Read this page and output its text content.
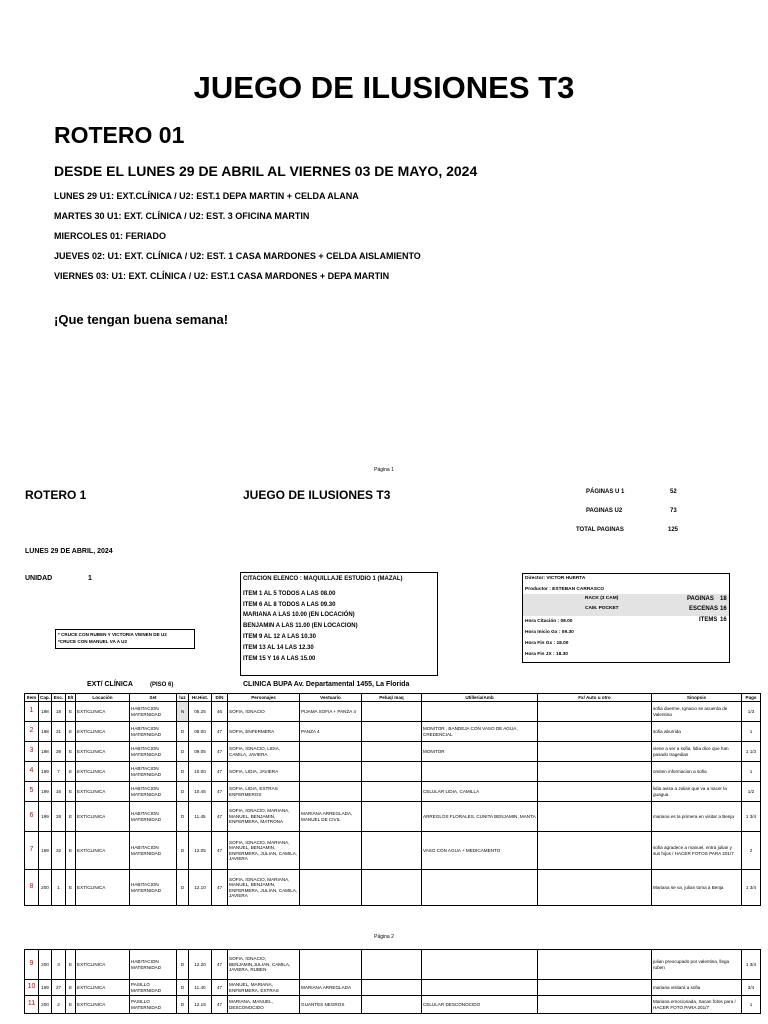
JUEGO DE ILUSIONES T3
ROTERO 01
DESDE EL LUNES 29 DE ABRIL AL VIERNES 03 DE MAYO, 2024
LUNES 29 U1: EXT.CLÍNICA / U2: EST.1 DEPA MARTIN + CELDA ALANA
MARTES 30 U1: EXT. CLÍNICA / U2: EST. 3 OFICINA MARTIN
MIERCOLES 01: FERIADO
JUEVES 02: U1: EXT. CLÍNICA / U2: EST. 1 CASA MARDONES + CELDA AISLAMIENTO
VIERNES 03: U1: EXT. CLÍNICA / U2: EST.1 CASA MARDONES + DEPA MARTIN
¡Que tengan buena semana!
Página 1
ROTERO 1	JUEGO DE ILUSIONES T3	PÁGINAS U 1	52
PAGINAS U2	73
TOTAL PAGINAS	125
LUNES 29 DE ABRIL, 2024
UNIDAD	1
* CRUCE CON RUBEN Y VICTORIA VIENEN DE U2
*CRUCE CON MANUEL VA A U2
CITACION ELENCO : MAQUILLAJE ESTUDIO 1 (MAZAL)
ITEM 1 AL 5 TODOS A LAS 08.00
ITEM 6 AL 8 TODOS A LAS 09.30
MARIANA A LAS 10.00 (EN LOCACIÓN)
BENJAMIN A LAS 11.00 (EN LOCACION)
ITEM 9 AL 12 A LAS 10.30
ITEM 13 AL 14 LAS 12.30
ITEM 15 Y 16 A LAS 15.00
Director: VICTOR HUERTA
Productor : ESTEBAN CARRASCO
RACK (3 CAM)
CAM. POCKET
PAGINAS 18
ESCENAS 16
ITEMS 16
Hora Citación : 08.00
Hora Inicio Gx : 09.30
Hora Fin Gx : 18.00
Hora Fin JX : 18.30
EXT/ CLÍNICA	(PISO 6)	CLINICA BUPA Av. Departamental 1455, La Florida
Item	Cap.	Esc.	E/I	Locación	Set	luz	Hr.Hist.	D/N	Personajes	Vestuario	Peluq\ maq	Utilleria/Amb	Fx/ Auto u otro	Sinopsis	Pags
1	198	18	E	EXT/CLINICA	HABITACION MATERNIDAD	N	05.25	46	SOFIA, IGNACIO	PIJAMA SOFIA + PANZA 4				sofia duerme, Ignacio se acuerda de Valentina	1/3
2	198	31	E	EXT/CLINICA	HABITACION MATERNIDAD	D	08.00	47	SOFIA, ENFERMERA	PANZA 4		MONITOR , BANDEJA CON VASO DE AGUA , CREDENCIAL		sofia aburrida	1
3	198	39	E	EXT/CLINICA	HABITACION MATERNIDAD	D	09.05	47	SOFIA, IGNACIO, LIDIA, CAMILA, JAVIERA			MONITOR		viene a ver a sofia, lidia dice que han pasado tragedias	1 1/3
4	199	7	E	EXT/CLINICA	HABITACION MATERNIDAD	D	10.00	47	SOFIA, LIDIA, JAVIERA					omiten informacion a sofia	1
5	199	16	E	EXT/CLINICA	HABITACION MATERNIDAD	D	10.45	47	SOFIA, LIDIA, EXTRAS ENFERMEROS			CELULAR LIDIA, CAMILLA		lidia avisa a Julian que va a nacer la guagua	1/2
6	199	28	E	EXT/CLINICA	HABITACION MATERNIDAD	D	11.45	47	SOFIA, IGNACIO, MARIANA, MANUEL, BENJAMIN, ENFERMERA, MATRONA	MARIANA ARREGLADA, MANUEL DE CIVIL		ARREGLOS FLORALES, CUNITA BENJAMIN, MANTA		mariana es la primera en visitar a Benja	1 3/4
7	199	32	E	EXT/CLINICA	HABITACION MATERNIDAD	D	12.05	47	SOFIA, IGNACIO, MARIANA, MANUEL, BENJAMIN, ENFERMERA, JULIAN, CAMILA, JAVIERA			VASO CON AGUA + MEDICAMENTO		sofia agradece a manuel, entra julian y sus hijos / HACER FOTOS PARA 201/7	2
8	200	1	E	EXT/CLINICA	HABITACION MATERNIDAD	D	12.10	47	SOFIA, IGNACIO, MARIANA, MANUEL, BENJAMIN, ENFERMERA, JULIAN, CAMILA, JAVIERA					Mariana se va, julian toma a Benja	1 3/4
Página 2
9	200	3	E	EXT/CLINICA	HABITACION MATERNIDAD	D	12.20	47	SOFIA, IGNACIO, BENJAMIN,JULIAN, CAMILA, JAVIERA, RUBEN					julian preocupado por valentina, llega ruben	1 3/4
10	199	27	E	EXT/CLINICA	PASILLO MATERNIDAD	D	11.40	47	MANUEL, MARIANA, ENFERMERA, EXTRAS	MARIANA ARREGLADA				mariana visitará a sofia	3/4
11	200	2	E	EXT/CLINICA	PASILLO MATERNIDAD	D	12.15	47	MARIANA, MANUEL, DESCONOCIDO	GUANTES NEGROS		CELULAR DESCONOCIDO		Mariana emocionada, Sacan fotos para / HACER FOTO PARA 201/7	1
